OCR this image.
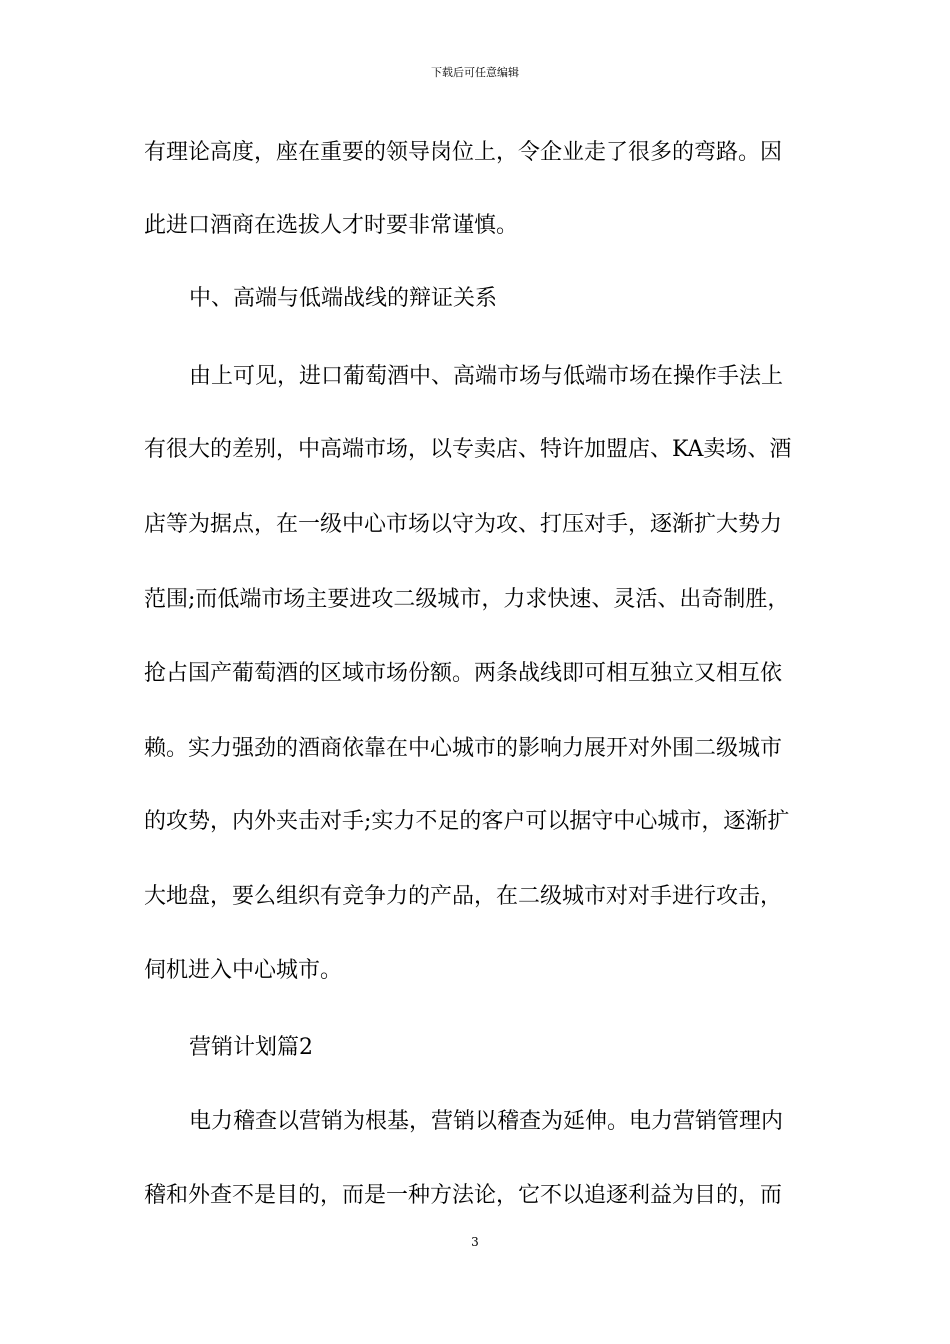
下载后可任意编辑
有理论高度，座在重要的领导岗位上，令企业走了很多的弯路。因
此进口酒商在选拔人才时要非常谨慎。
中、高端与低端战线的辩证关系
由上可见，进口葡萄酒中、高端市场与低端市场在操作手法上
有很大的差别，中高端市场，以专卖店、特许加盟店、KA卖场、酒
店等为据点，在一级中心市场以守为攻、打压对手，逐渐扩大势力
范围;而低端市场主要进攻二级城市，力求快速、灵活、出奇制胜，
抢占国产葡萄酒的区域市场份额。两条战线即可相互独立又相互依
赖。实力强劲的酒商依靠在中心城市的影响力展开对外围二级城市
的攻势，内外夹击对手;实力不足的客户可以据守中心城市，逐渐扩
大地盘，要么组织有竞争力的产品，在二级城市对对手进行攻击，
伺机进入中心城市。
营销计划篇2
电力稽查以营销为根基，营销以稽查为延伸。电力营销管理内
稽和外查不是目的，而是一种方法论，它不以追逐利益为目的，而
3
